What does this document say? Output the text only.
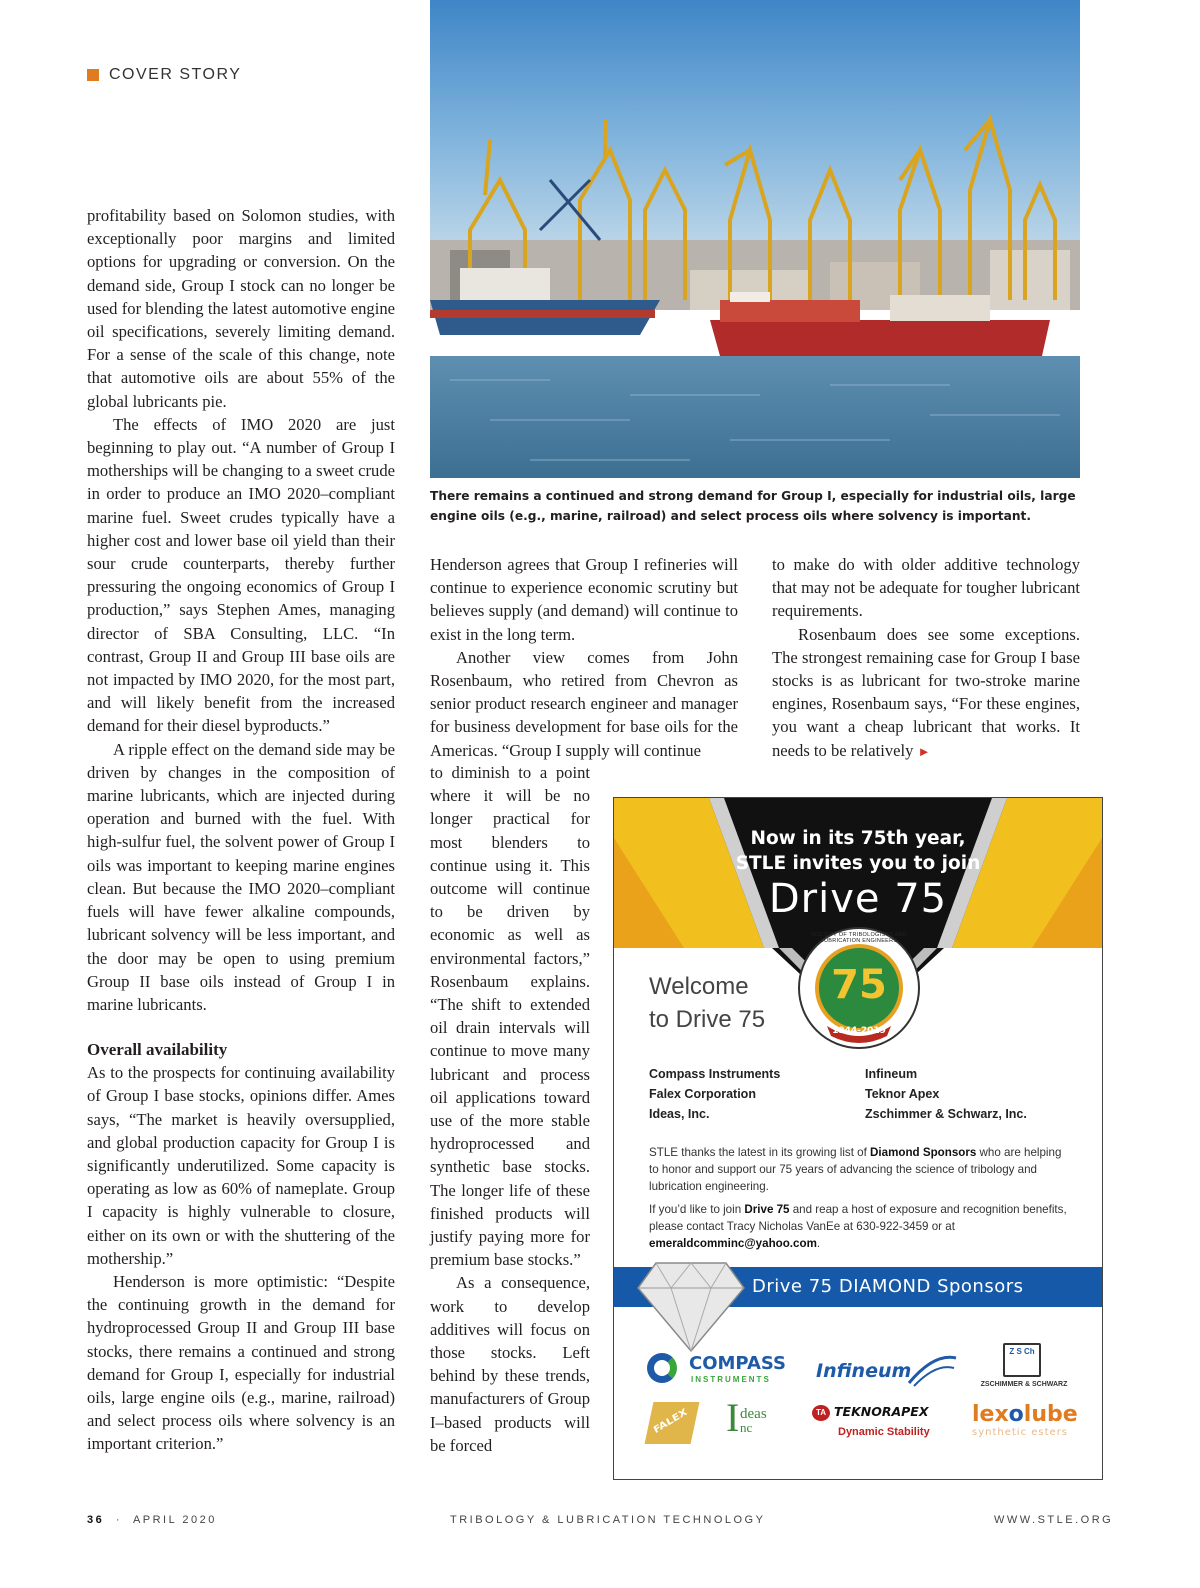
COVER STORY
There remains a continued and strong demand for Group I, especially for industrial oils, large engine oils (e.g., marine, railroad) and select process oils where solvency is important.

profitability based on Solomon studies, with exceptionally poor margins and limited options for upgrading or conversion. On the demand side, Group I stock can no longer be used for blending the latest automotive engine oil specifications, severely limiting demand. For a sense of the scale of this change, note that automotive oils are about 55% of the global lubricants pie.

The effects of IMO 2020 are just beginning to play out. “A number of Group I motherships will be changing to a sweet crude in order to produce an IMO 2020–compliant marine fuel. Sweet crudes typically have a higher cost and lower base oil yield than their sour crude counterparts, thereby further pressuring the ongoing economics of Group I production,” says Stephen Ames, managing director of SBA Consulting, LLC. “In contrast, Group II and Group III base oils are not impacted by IMO 2020, for the most part, and will likely benefit from the increased demand for their diesel byproducts.”

A ripple effect on the demand side may be driven by changes in the composition of marine lubricants, which are injected during operation and burned with the fuel. With high-sulfur fuel, the solvent power of Group I oils was important to keeping marine engines clean. But because the IMO 2020–compliant fuels will have fewer alkaline compounds, lubricant solvency will be less important, and the door may be open to using premium Group II base oils instead of Group I in marine lubricants.

Overall availability

As to the prospects for continuing availability of Group I base stocks, opinions differ. Ames says, “The market is heavily oversupplied, and global production capacity for Group I is significantly underutilized. Some capacity is operating as low as 60% of nameplate. Group I capacity is highly vulnerable to closure, either on its own or with the shuttering of the mothership.”

Henderson is more optimistic: “Despite the continuing growth in the demand for hydroprocessed Group II and Group III base stocks, there remains a continued and strong demand for Group I, especially for industrial oils, large engine oils (e.g., marine, railroad) and select process oils where solvency is an important criterion.”

Henderson agrees that Group I refineries will continue to experience economic scrutiny but believes supply (and demand) will continue to exist in the long term.

Another view comes from John Rosenbaum, who retired from Chevron as senior product research engineer and manager for business development for base oils for the Americas. “Group I supply will continue

to diminish to a point where it will be no longer practical for most blenders to continue using it. This outcome will continue to be driven by economic as well as environmental factors,” Rosenbaum explains. “The shift to extended oil drain intervals will continue to move many lubricant and process oil applications toward use of the more stable hydroprocessed and synthetic base stocks. The longer life of these finished products will justify paying more for premium base stocks.”

As a consequence, work to develop additives will focus on those stocks. Left behind by these trends, manufacturers of Group I–based products will be forced

to make do with older additive technology that may not be adequate for tougher lubricant requirements.

Rosenbaum does see some exceptions. The strongest remaining case for Group I base stocks is as lubricant for two-stroke marine engines, Rosenbaum says, “For these engines, you want a cheap lubricant that works. It needs to be relatively ►

Now in its 75th year,
STLE invites you to join
Drive 75
75
1944-2019
SOCIETY OF TRIBOLOGISTS AND LUBRICATION ENGINEERS
Welcome
to Drive 75
Compass Instruments
Falex Corporation
Ideas, Inc.
Infineum
Teknor Apex
Zschimmer & Schwarz, Inc.
STLE thanks the latest in its growing list of Diamond Sponsors who are helping to honor and support our 75 years of advancing the science of tribology and lubrication engineering.
If you’d like to join Drive 75 and reap a host of exposure and recognition benefits, please contact Tracy Nicholas VanEe at 630-922-3459 or at emeraldcomminc@yahoo.com.
Drive 75 DIAMOND Sponsors
COMPASS
INSTRUMENTS Infineum
Z S Ch
ZSCHIMMER & SCHWARZ
FALEX I deas
nc
TA TEKNORAPEX
Dynamic Stability
lexolube
synthetic esters
36 · APRIL 2020	TRIBOLOGY & LUBRICATION TECHNOLOGY	WWW.STLE.ORG
